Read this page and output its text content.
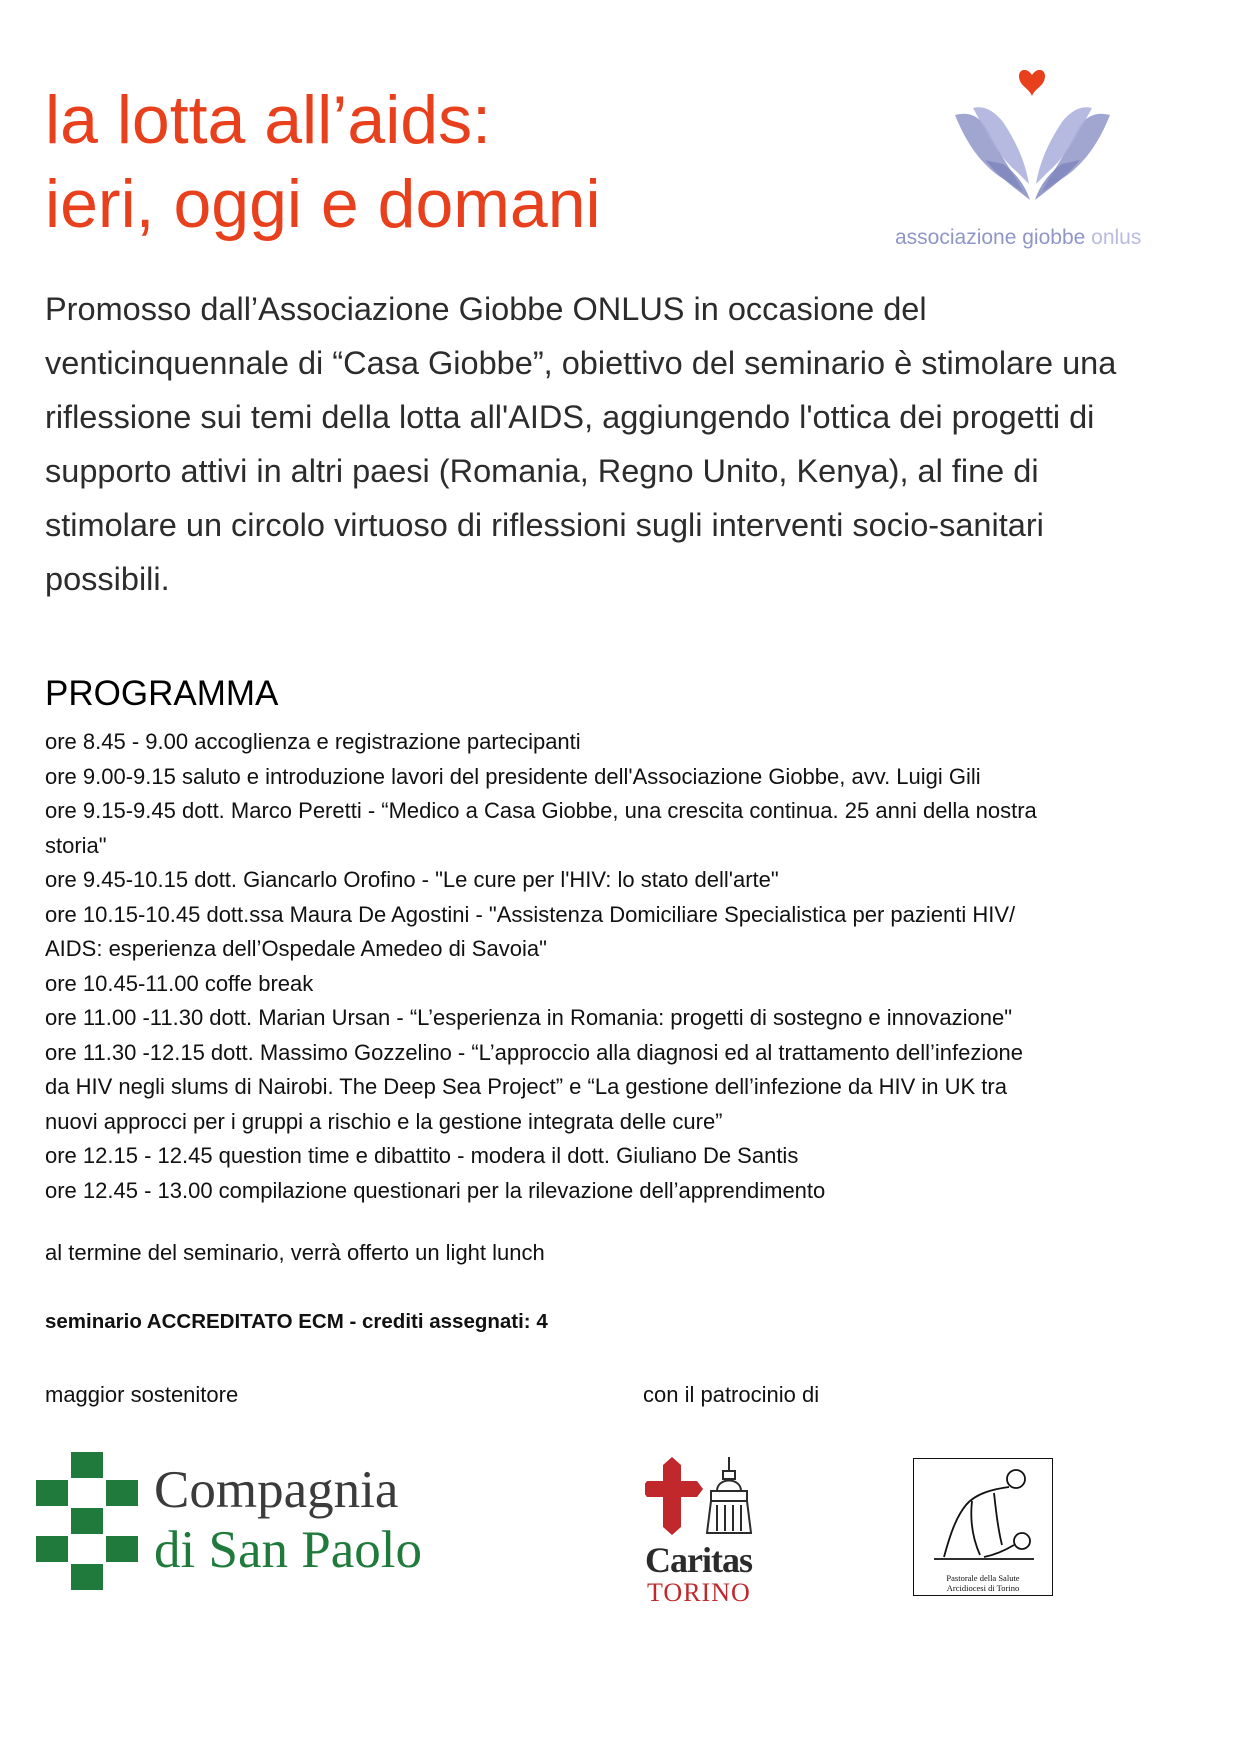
la lotta all’aids:
ieri, oggi e domani	associazione giobbe onlus

Promosso dall’Associazione Giobbe ONLUS in occasione del
venticinquennale di “Casa Giobbe”, obiettivo del seminario è stimolare una
riflessione sui temi della lotta all'AIDS, aggiungendo l'ottica dei progetti di
supporto attivi in altri paesi (Romania, Regno Unito, Kenya), al fine di
stimolare un circolo virtuoso di riflessioni sugli interventi socio-sanitari
possibili.

PROGRAMMA
ore 8.45 - 9.00 accoglienza e registrazione partecipanti
ore 9.00-9.15 saluto e introduzione lavori del presidente dell'Associazione Giobbe, avv. Luigi Gili
ore 9.15-9.45 dott. Marco Peretti - “Medico a Casa Giobbe, una crescita continua. 25 anni della nostra
storia"
ore 9.45-10.15 dott. Giancarlo Orofino - "Le cure per l'HIV: lo stato dell'arte"
ore 10.15-10.45 dott.ssa Maura De Agostini - "Assistenza Domiciliare Specialistica per pazienti HIV/
AIDS: esperienza dell’Ospedale Amedeo di Savoia"
ore 10.45-11.00 coffe break
ore 11.00 -11.30 dott. Marian Ursan - “L’esperienza in Romania: progetti di sostegno e innovazione"
ore 11.30 -12.15 dott. Massimo Gozzelino - “L’approccio alla diagnosi ed al trattamento dell’infezione
da HIV negli slums di Nairobi. The Deep Sea Project” e “La gestione dell’infezione da HIV in UK tra
nuovi approcci per i gruppi a rischio e la gestione integrata delle cure”
ore 12.15 - 12.45 question time e dibattito - modera il dott. Giuliano De Santis
ore 12.45 - 13.00 compilazione questionari per la rilevazione dell’apprendimento
al termine del seminario, verrà offerto un light lunch
seminario ACCREDITATO ECM - crediti assegnati: 4
maggior sostenitore	con il patrocinio di
Compagnia
di San Paolo	Caritas
TORINO	Pastorale della Salute
Arcidiocesi di Torino
